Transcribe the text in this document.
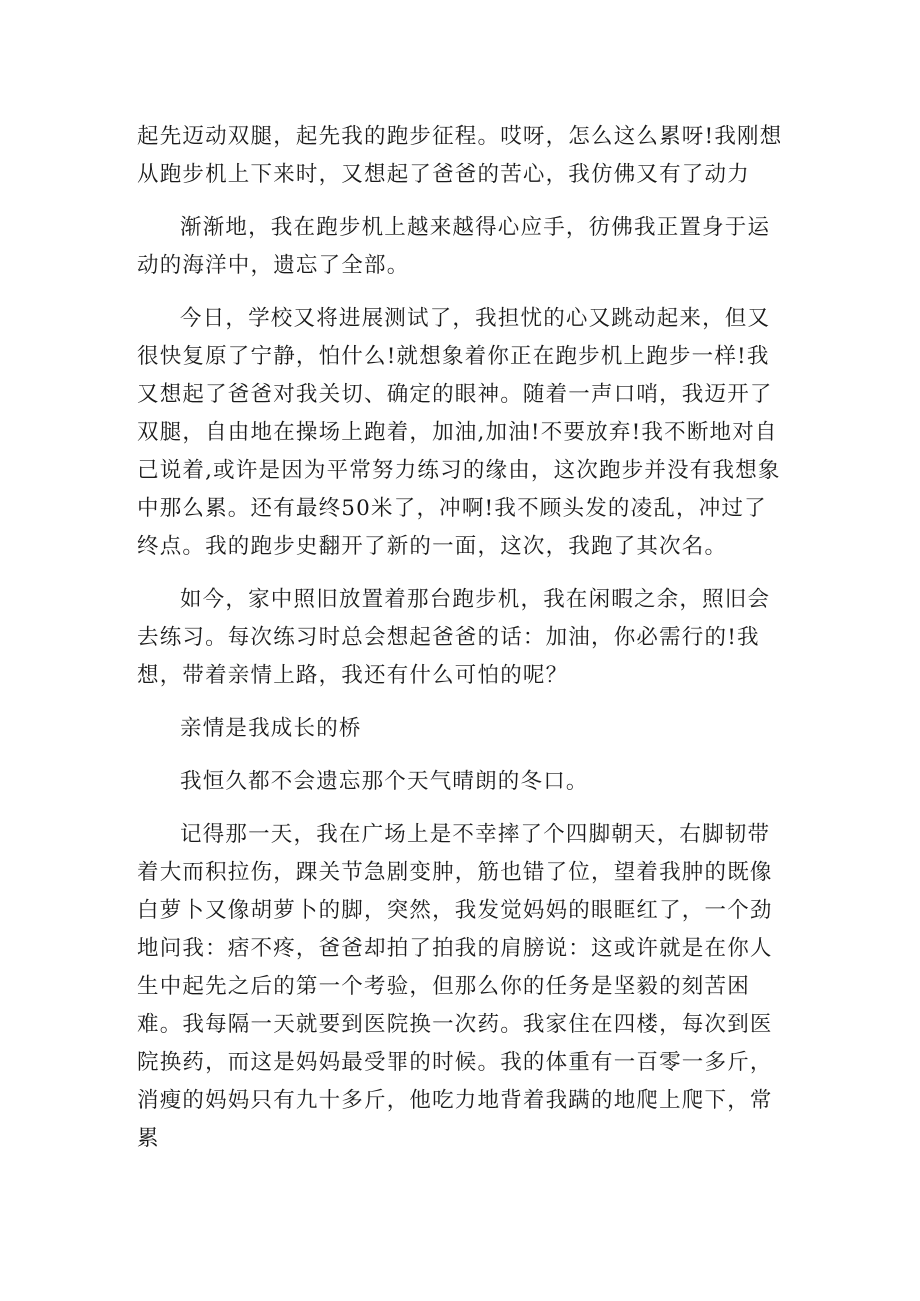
起先迈动双腿，起先我的跑步征程。哎呀，怎么这么累呀!我刚想从跑步机上下来时，又想起了爸爸的苦心，我仿佛又有了动力

渐渐地，我在跑步机上越来越得心应手，彷佛我正置身于运动的海洋中，遗忘了全部。

今日，学校又将进展测试了，我担忧的心又跳动起来，但又很快复原了宁静，怕什么!就想象着你正在跑步机上跑步一样!我又想起了爸爸对我关切、确定的眼神。随着一声口哨，我迈开了双腿，自由地在操场上跑着，加油,加油!不要放弃!我不断地对自己说着,或许是因为平常努力练习的缘由，这次跑步并没有我想象中那么累。还有最终50米了，冲啊!我不顾头发的凌乱，冲过了终点。我的跑步史翻开了新的一面，这次，我跑了其次名。

如今，家中照旧放置着那台跑步机，我在闲暇之余，照旧会去练习。每次练习时总会想起爸爸的话：加油，你必需行的!我想，带着亲情上路，我还有什么可怕的呢？

亲情是我成长的桥

我恒久都不会遗忘那个天气晴朗的冬口。

记得那一天，我在广场上是不幸摔了个四脚朝天，右脚韧带着大而积拉伤，踝关节急剧变肿，筋也错了位，望着我肿的既像白萝卜又像胡萝卜的脚，突然，我发觉妈妈的眼眶红了，一个劲地问我：痞不疼，爸爸却拍了拍我的肩膀说：这或许就是在你人生中起先之后的第一个考验，但那么你的任务是坚毅的刻苦困难。我每隔一天就要到医院换一次药。我家住在四楼，每次到医院换药，而这是妈妈最受罪的时候。我的体重有一百零一多斤，消瘦的妈妈只有九十多斤，他吃力地背着我蹒的地爬上爬下，常累
